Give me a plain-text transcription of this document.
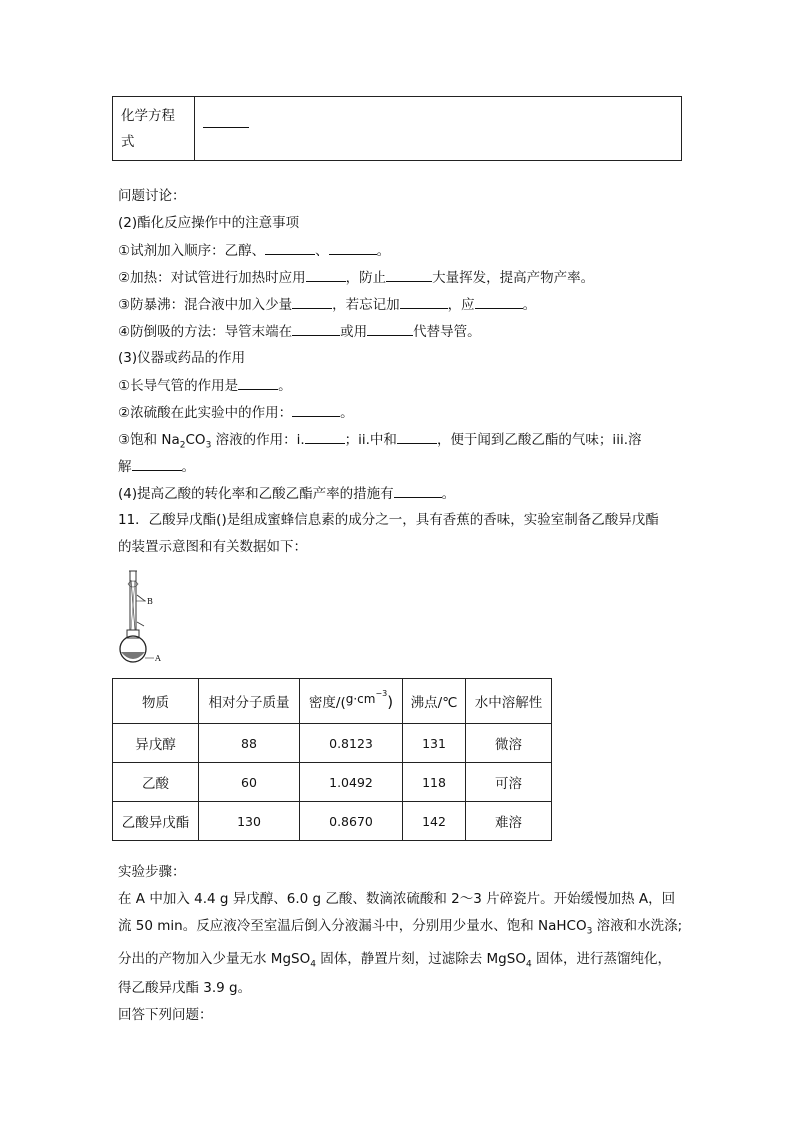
化学方程
式
问题讨论：
(2)酯化反应操作中的注意事项
①试剂加入顺序：乙醇、	、	。
②加热：对试管进行加热时应用	，防止	大量挥发，提高产物产率。
③防暴沸：混合液中加入少量	，若忘记加	，应	。
④防倒吸的方法：导管末端在	或用	代替导管。
(3)仪器或药品的作用
①长导气管的作用是	。
②浓硫酸在此实验中的作用：	。
③饱和 $Na_2CO_3$ 溶液的作用：i.	；ii.中和	，便于闻到乙酸乙酯的气味；iii.溶
解	。
(4)提高乙酸的转化率和乙酸乙酯产率的措施有	。
11．乙酸异戊酯()是组成蜜蜂信息素的成分之一，具有香蕉的香味，实验室制备乙酸异戊酯
的装置示意图和有关数据如下：
B
A
物质	相对分子质量	密度$/(g\cdot cm^{-3})$	沸点/℃	水中溶解性
异戊醇	88	0.8123	131	微溶
乙酸	60	1.0492	118	可溶
乙酸异戊酯	130	0.8670	142	难溶
实验步骤：
在 A 中加入 4.4 g 异戊醇、6.0 g 乙酸、数滴浓硫酸和 2～3 片碎瓷片。开始缓慢加热 A，回
流 50 min。反应液冷至室温后倒入分液漏斗中，分别用少量水、饱和 NaHCO$_3$ 溶液和水洗涤;
分出的产物加入少量无水 MgSO$_4$ 固体，静置片刻，过滤除去 MgSO$_4$ 固体，进行蒸馏纯化，
得乙酸异戊酯 3.9 g。
回答下列问题：
